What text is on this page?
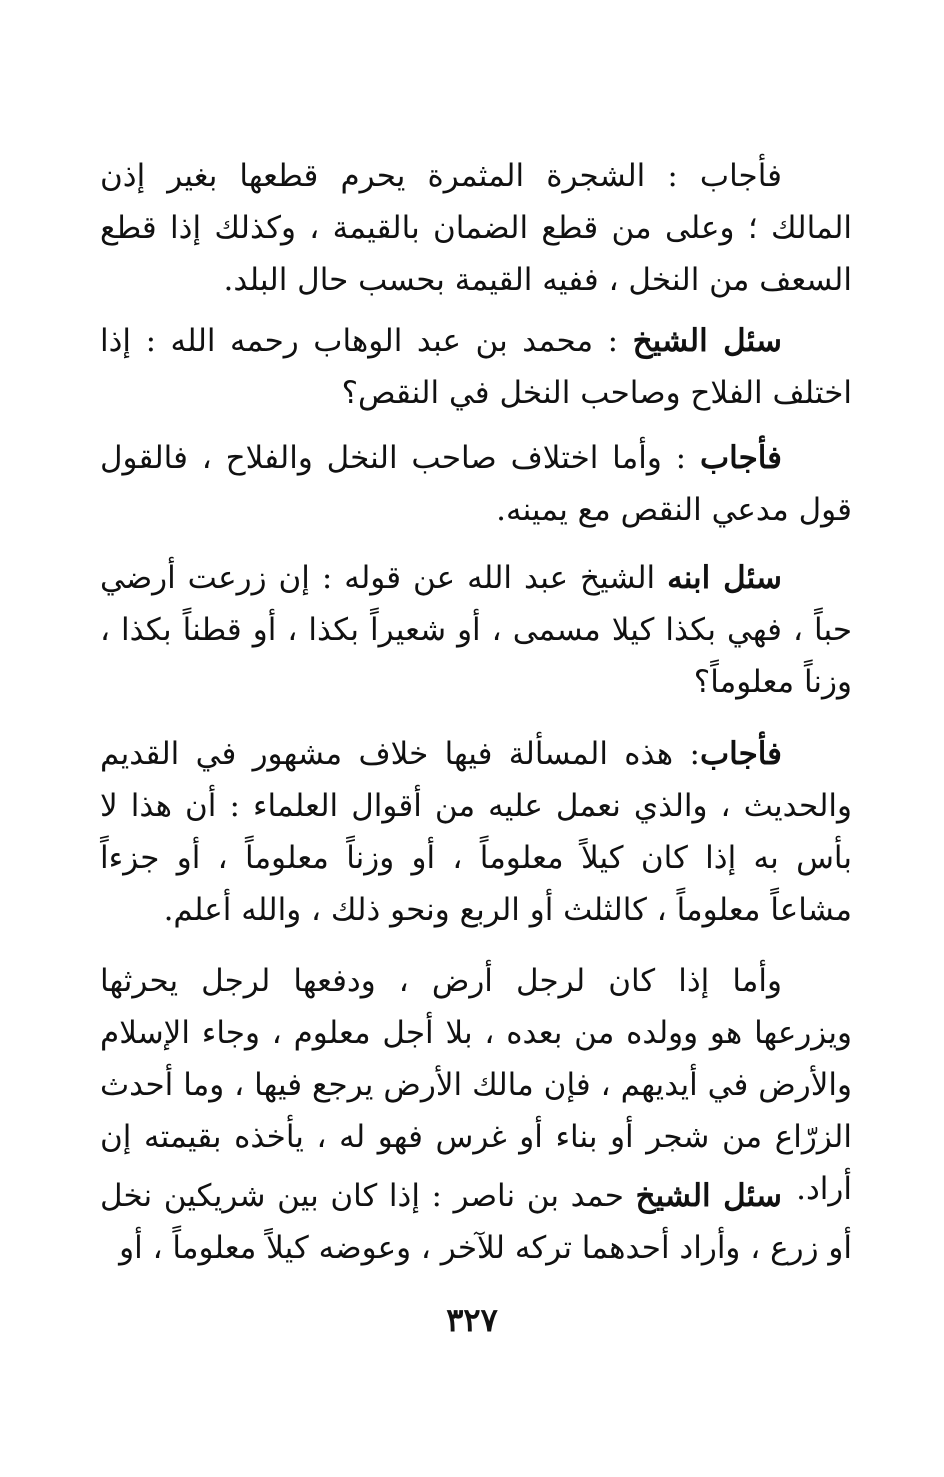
فأجاب : الشجرة المثمرة يحرم قطعها بغير إذن المالك ؛ وعلى من قطع الضمان بالقيمة ، وكذلك إذا قطع السعف من النخل ، ففيه القيمة بحسب حال البلد.

سئل الشيخ : محمد بن عبد الوهاب رحمه الله : إذا اختلف الفلاح وصاحب النخل في النقص؟

فأجاب : وأما اختلاف صاحب النخل والفلاح ، فالقول قول مدعي النقص مع يمينه.

سئل ابنه الشيخ عبد الله عن قوله : إن زرعت أرضي حباً ، فهي بكذا كيلا مسمى ، أو شعيراً بكذا ، أو قطناً بكذا ، وزناً معلوماً؟

فأجاب: هذه المسألة فيها خلاف مشهور في القديم والحديث ، والذي نعمل عليه من أقوال العلماء : أن هذا لا بأس به إذا كان كيلاً معلوماً ، أو وزناً معلوماً ، أو جزءاً مشاعاً معلوماً ، كالثلث أو الربع ونحو ذلك ، والله أعلم.

وأما إذا كان لرجل أرض ، ودفعها لرجل يحرثها ويزرعها هو وولده من بعده ، بلا أجل معلوم ، وجاء الإسلام والأرض في أيديهم ، فإن مالك الأرض يرجع فيها ، وما أحدث الزرّاع من شجر أو بناء أو غرس فهو له ، يأخذه بقيمته إن أراد.

سئل الشيخ حمد بن ناصر : إذا كان بين شريكين نخل أو زرع ، وأراد أحدهما تركه للآخر ، وعوضه كيلاً معلوماً ، أو

٣٢٧
